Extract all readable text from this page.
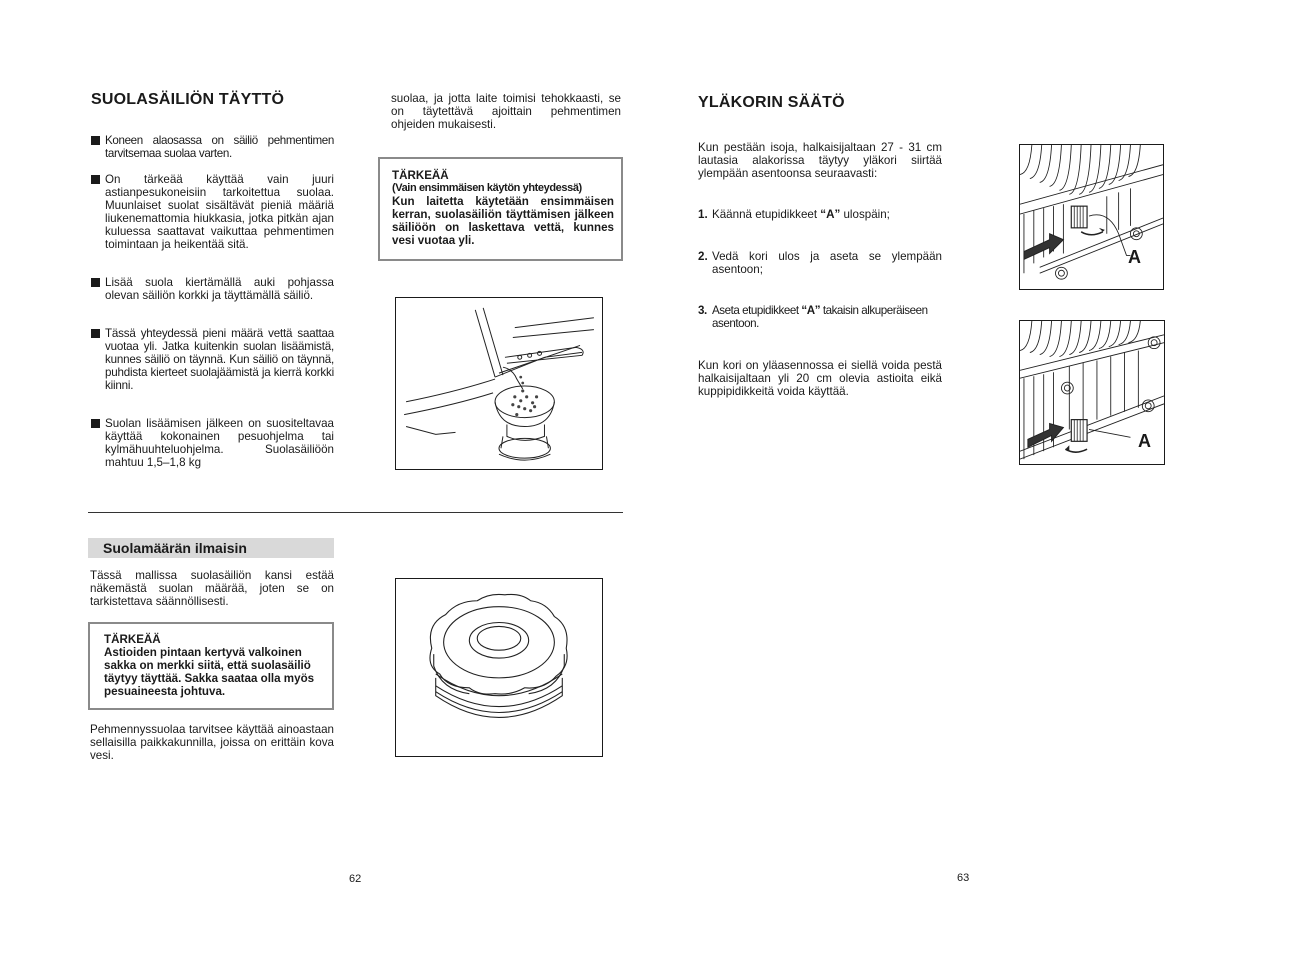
SUOLASÄILIÖN TÄYTTÖ
Koneen alaosassa on säiliö pehmentimen tarvitsemaa suolaa varten.
On tärkeää käyttää vain juuri astianpesukoneisiin tarkoitettua suolaa. Muunlaiset suolat sisältävät pieniä määriä liukenemattomia hiukkasia, jotka pitkän ajan kuluessa saattavat vaikuttaa pehmentimen toimintaan ja heikentää sitä.
Lisää suola kiertämällä auki pohjassa olevan säiliön korkki ja täyttämällä säiliö.
Tässä yhteydessä pieni määrä vettä saattaa vuotaa yli. Jatka kuitenkin suolan lisäämistä, kunnes säiliö on täynnä. Kun säiliö on täynnä, puhdista kierteet suolajäämistä ja kierrä korkki kiinni.
Suolan lisäämisen jälkeen on suositeltavaa käyttää kokonainen pesuohjelma tai kylmähuuhteluohjelma. Suolasäiliöön mahtuu 1,5–1,8 kg
suolaa, ja jotta laite toimisi tehokkaasti, se on täytettävä ajoittain pehmentimen ohjeiden mukaisesti.
TÄRKEÄÄ
(Vain ensimmäisen käytön yhteydessä)
Kun laitetta käytetään ensimmäisen kerran, suolasäiliön täyttämisen jälkeen säiliöön on laskettava vettä, kunnes vesi vuotaa yli.
Suolamäärän ilmaisin
Tässä mallissa suolasäiliön kansi estää näkemästä suolan määrää, joten se on tarkistettava säännöllisesti.
TÄRKEÄÄ
Astioiden pintaan kertyvä valkoinen sakka on merkki siitä, että suolasäiliö täytyy täyttää. Sakka saataa olla myös pesuaineesta johtuva.
Pehmennyssuolaa tarvitsee käyttää ainoastaan sellaisilla paikkakunnilla, joissa on erittäin kova vesi.
62
YLÄKORIN SÄÄTÖ
Kun pestään isoja, halkaisijaltaan 27 - 31 cm lautasia alakorissa täytyy yläkori siirtää ylempään asentoonsa seuraavasti:
1. Käännä etupidikkeet “A” ulospäin;
2. Vedä kori ulos ja aseta se ylempään asentoon;
3. Aseta etupidikkeet “A” takaisin alkuperäiseen asentoon.
Kun kori on yläasennossa ei siellä voida pestä halkaisijaltaan yli 20 cm olevia astioita eikä kuppipidikkeitä voida käyttää.
A
A
63
